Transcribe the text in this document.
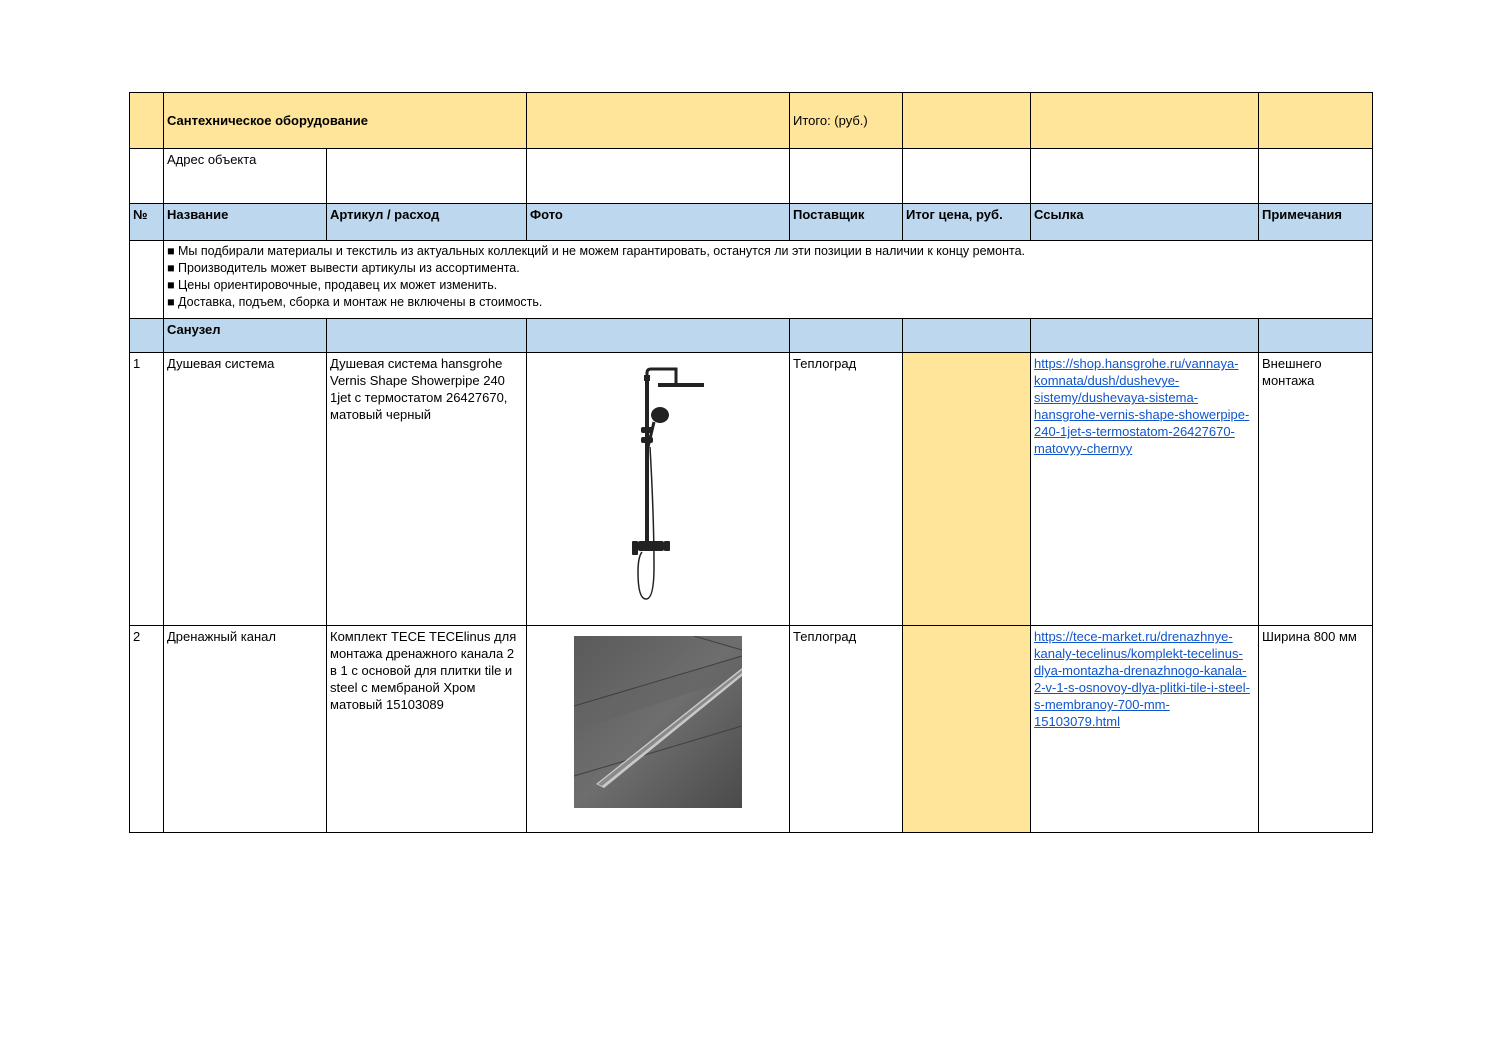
	Сантехническое оборудование			Итого: (руб.)			
	Адрес объекта						
№	Название	Артикул / расход	Фото	Поставщик	Итог цена, руб.	Ссылка	Примечания

	■ Мы подбирали материалы и текстиль из актуальных коллекций и не можем гарантировать, останутся ли эти позиции в наличии к концу ремонта.

■ Производитель может вывести артикулы из ассортимента.

■ Цены ориентировочные, продавец их может изменить.

■ Доставка, подъем, сборка и монтаж не включены в стоимость.						

	Санузел						
1	Душевая система	Душевая система hansgrohe Vernis Shape Showerpipe 240 1jet с термостатом 26427670, матовый черный		Теплоград		https://shop.hansgrohe.ru/vannaya-komnata/dush/dushevye-sistemy/dushevaya-sistema-hansgrohe-vernis-shape-showerpipe-240-1jet-s-termostatom-26427670-matovyy-chernyy	Внешнего монтажа
2	Дренажный канал	Комплект TECE TECElinus для монтажа дренажного канала 2 в 1 с основой для плитки tile и steel с мембраной Хром матовый 15103089		Теплоград		https://tece-market.ru/drenazhnye-kanaly-tecelinus/komplekt-tecelinus-dlya-montazha-drenazhnogo-kanala-2-v-1-s-osnovoy-dlya-plitki-tile-i-steel-s-membranoy-700-mm-15103079.html	Ширина 800 мм
